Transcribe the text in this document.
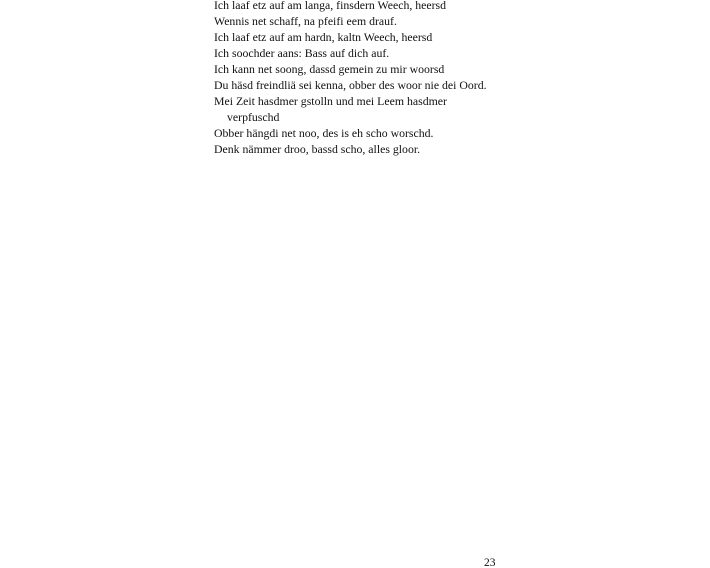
Ich laaf etz auf am langa, finsdern Weech, heersd
Wennis net schaff, na pfeifi eem drauf.
Ich laaf etz auf am hardn, kaltn Weech, heersd
Ich soochder aans: Bass auf dich auf.
Ich kann net soong, dassd gemein zu mir woorsd
Du häsd freindliä sei kenna, obber des woor nie dei Oord.
Mei Zeit hasdmer gstolln und mei Leem hasdmer
verpfuschd
Obber hängdi net noo, des is eh scho worschd.
Denk nämmer droo, bassd scho, alles gloor.
23
